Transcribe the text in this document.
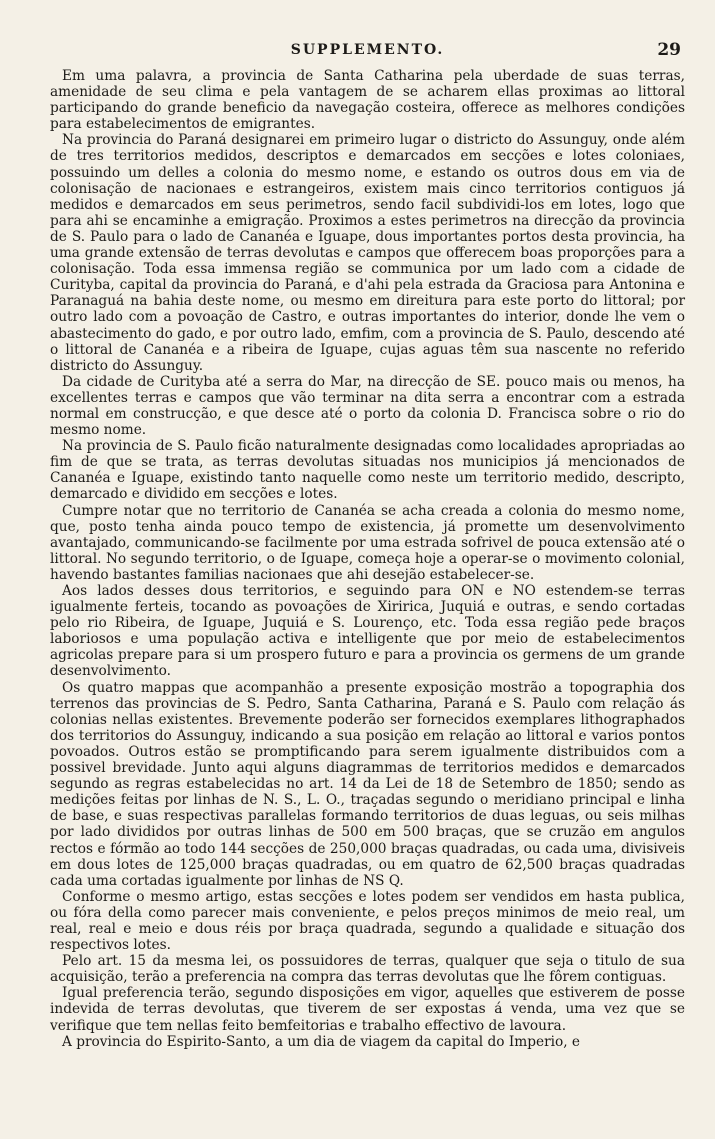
SUPPLEMENTO.	29

Em uma palavra, a provincia de Santa Catharina pela uberdade de suas terras, amenidade de seu clima e pela vantagem de se acharem ellas proximas ao littoral participando do grande beneficio da navegação costeira, offerece as melhores condições para estabelecimentos de emigrantes.

Na provincia do Paraná designarei em primeiro lugar o districto do Assunguy, onde além de tres territorios medidos, descriptos e demarcados em secções e lotes coloniaes, possuindo um delles a colonia do mesmo nome, e estando os outros dous em via de colonisação de nacionaes e estrangeiros, existem mais cinco territorios contiguos já medidos e demarcados em seus perimetros, sendo facil subdividi-los em lotes, logo que para ahi se encaminhe a emigração. Proximos a estes perimetros na direcção da provincia de S. Paulo para o lado de Cananéa e Iguape, dous importantes portos desta provincia, ha uma grande extensão de terras devolutas e campos que offerecem boas proporções para a colonisação. Toda essa immensa região se communica por um lado com a cidade de Curityba, capital da provincia do Paraná, e d'ahi pela estrada da Graciosa para Antonina e Paranaguá na bahia deste nome, ou mesmo em direitura para este porto do littoral; por outro lado com a povoação de Castro, e outras importantes do interior, donde lhe vem o abastecimento do gado, e por outro lado, emfim, com a provincia de S. Paulo, descendo até o littoral de Cananéa e a ribeira de Iguape, cujas aguas têm sua nascente no referido districto do Assunguy.

Da cidade de Curityba até a serra do Mar, na direcção de SE. pouco mais ou menos, ha excellentes terras e campos que vão terminar na dita serra a encontrar com a estrada normal em construcção, e que desce até o porto da colonia D. Francisca sobre o rio do mesmo nome.

Na provincia de S. Paulo ficão naturalmente designadas como localidades apropriadas ao fim de que se trata, as terras devolutas situadas nos municipios já mencionados de Cananéa e Iguape, existindo tanto naquelle como neste um territorio medido, descripto, demarcado e dividido em secções e lotes.

Cumpre notar que no territorio de Cananéa se acha creada a colonia do mesmo nome, que, posto tenha ainda pouco tempo de existencia, já promette um desenvolvimento avantajado, communicando-se facilmente por uma estrada sofrivel de pouca extensão até o littoral. No segundo territorio, o de Iguape, começa hoje a operar-se o movimento colonial, havendo bastantes familias nacionaes que ahi desejão estabelecer-se.

Aos lados desses dous territorios, e seguindo para ON e NO estendem-se terras igualmente ferteis, tocando as povoações de Xiririca, Juquiá e outras, e sendo cortadas pelo rio Ribeira, de Iguape, Juquiá e S. Lourenço, etc. Toda essa região pede braços laboriosos e uma população activa e intelligente que por meio de estabelecimentos agricolas prepare para si um prospero futuro e para a provincia os germens de um grande desenvolvimento.

Os quatro mappas que acompanhão a presente exposição mostrão a topographia dos terrenos das provincias de S. Pedro, Santa Catharina, Paraná e S. Paulo com relação ás colonias nellas existentes. Brevemente poderão ser fornecidos exemplares lithographados dos territorios do Assunguy, indicando a sua posição em relação ao littoral e varios pontos povoados. Outros estão se promptificando para serem igualmente distribuidos com a possivel brevidade. Junto aqui alguns diagrammas de territorios medidos e demarcados segundo as regras estabelecidas no art. 14 da Lei de 18 de Setembro de 1850; sendo as medições feitas por linhas de N. S., L. O., traçadas segundo o meridiano principal e linha de base, e suas respectivas parallelas formando territorios de duas leguas, ou seis milhas por lado divididos por outras linhas de 500 em 500 braças, que se cruzão em angulos rectos e fórmão ao todo 144 secções de 250,000 braças quadradas, ou cada uma, divisiveis em dous lotes de 125,000 braças quadradas, ou em quatro de 62,500 braças quadradas cada uma cortadas igualmente por linhas de NS Q.

Conforme o mesmo artigo, estas secções e lotes podem ser vendidos em hasta publica, ou fóra della como parecer mais conveniente, e pelos preços minimos de meio real, um real, real e meio e dous réis por braça quadrada, segundo a qualidade e situação dos respectivos lotes.

Pelo art. 15 da mesma lei, os possuidores de terras, qualquer que seja o titulo de sua acquisição, terão a preferencia na compra das terras devolutas que lhe fôrem contiguas.

Igual preferencia terão, segundo disposições em vigor, aquelles que estiverem de posse indevida de terras devolutas, que tiverem de ser expostas á venda, uma vez que se verifique que tem nellas feito bemfeitorias e trabalho effectivo de lavoura.

A provincia do Espirito-Santo, a um dia de viagem da capital do Imperio, e
